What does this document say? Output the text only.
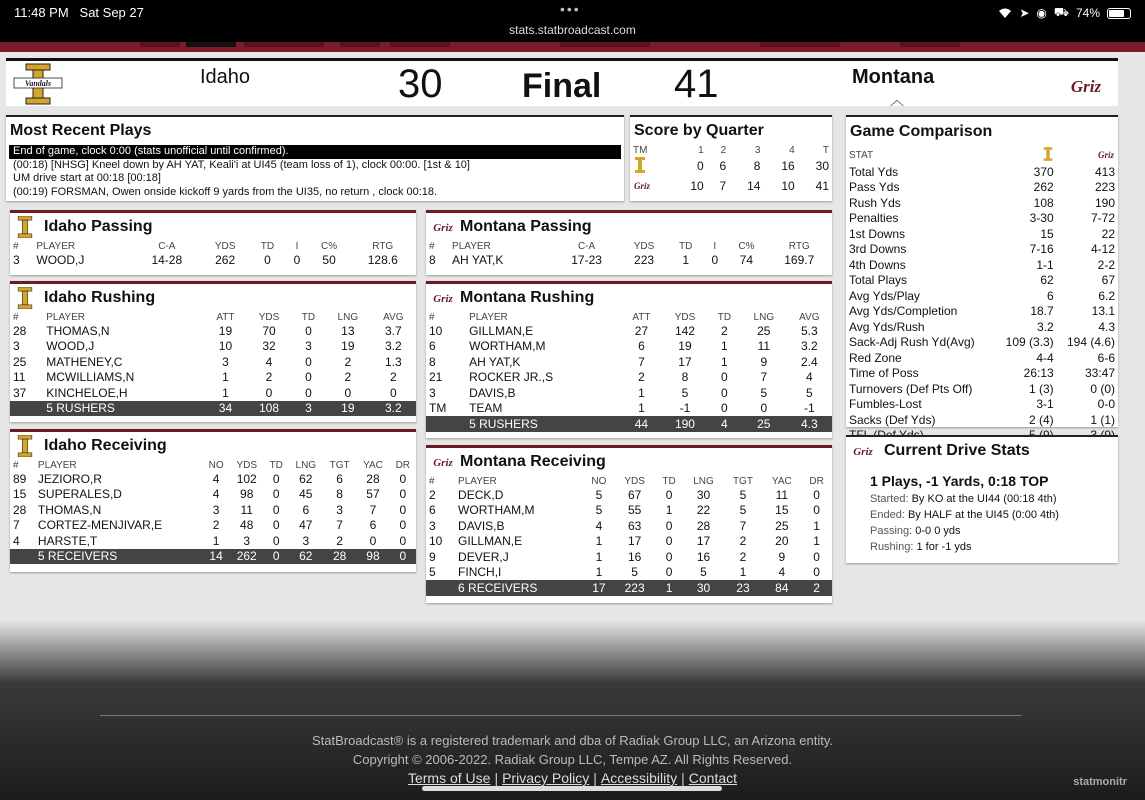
11:48 PM Sat Sep 27	•••
stats.statbroadcast.com
➤ ◉ ⛟ 74%
Vandals	Idaho	30 Final 41	Montana
︿
Griz
Most Recent Plays
End of game, clock 0:00 (stats unofficial until confirmed).
(00:18) [NHSG] Kneel down by AH YAT, Keali'i at UI45 (team loss of 1), clock 00:00. [1st & 10]
UM drive start at 00:18 [00:18]
(00:19) FORSMAN, Owen onside kickoff 9 yards from the UI35, no return , clock 00:18.
Score by Quarter
TM	1	2	3	4	T
	0	6	8	16	30

Griz	10	7	14	10	41
Game Comparison
STAT		Griz

Total Yds	370	413
Pass Yds	262	223
Rush Yds	108	190
Penalties	3-30	7-72
1st Downs	15	22
3rd Downs	7-16	4-12
4th Downs	1-1	2-2
Total Plays	62	67
Avg Yds/Play	6	6.2
Avg Yds/Completion	18.7	13.1
Avg Yds/Rush	3.2	4.3
Sack-Adj Rush Yd(Avg)	109 (3.3)	194 (4.6)
Red Zone	4-4	6-6
Time of Poss	26:13	33:47
Turnovers (Def Pts Off)	1 (3)	0 (0)
Fumbles-Lost	3-1	0-0
Sacks (Def Yds)	2 (4)	1 (1)

Griz Current Drive Stats
1 Plays, -1 Yards, 0:18 TOP
Started: By KO at the UI44 (00:18 4th)
Ended: By HALF at the UI45 (0:00 4th)
Passing: 0-0 0 yds
Rushing: 1 for -1 yds
Idaho Passing
#	PLAYER	C-A	YDS	TD	I	C%	RTG
3	WOOD,J	14-28	262	0	0	50	128.6
Griz Montana Passing
#	PLAYER	C-A	YDS	TD	I	C%	RTG
8	AH YAT,K	17-23	223	1	0	74	169.7
Idaho Rushing
#	PLAYER	ATT	YDS	TD	LNG	AVG
28	THOMAS,N	19	70	0	13	3.7
3	WOOD,J	10	32	3	19	3.2
25	MATHENEY,C	3	4	0	2	1.3
11	MCWILLIAMS,N	1	2	0	2	2
37	KINCHELOE,H	1	0	0	0	0
	5 RUSHERS	34	108	3	19	3.2
Griz Montana Rushing
#	PLAYER	ATT	YDS	TD	LNG	AVG
10	GILLMAN,E	27	142	2	25	5.3
6	WORTHAM,M	6	19	1	11	3.2
8	AH YAT,K	7	17	1	9	2.4
21	ROCKER JR.,S	2	8	0	7	4
3	DAVIS,B	1	5	0	5	5
TM	TEAM	1	-1	0	0	-1
	5 RUSHERS	44	190	4	25	4.3
Idaho Receiving
#	PLAYER	NO	YDS	TD	LNG	TGT	YAC	DR
89	JEZIORO,R	4	102	0	62	6	28	0
15	SUPERALES,D	4	98	0	45	8	57	0
28	THOMAS,N	3	11	0	6	3	7	0
7	CORTEZ-MENJIVAR,E	2	48	0	47	7	6	0
4	HARSTE,T	1	3	0	3	2	0	0
	5 RECEIVERS	14	262	0	62	28	98	0
Griz Montana Receiving
#	PLAYER	NO	YDS	TD	LNG	TGT	YAC	DR
2	DECK,D	5	67	0	30	5	11	0
6	WORTHAM,M	5	55	1	22	5	15	0
3	DAVIS,B	4	63	0	28	7	25	1
10	GILLMAN,E	1	17	0	17	2	20	1
9	DEVER,J	1	16	0	16	2	9	0
5	FINCH,I	1	5	0	5	1	4	0
	6 RECEIVERS	17	223	1	30	23	84	2
StatBroadcast® is a registered trademark and dba of Radiak Group LLC, an Arizona entity.
Copyright © 2006-2022. Radiak Group LLC, Tempe AZ. All Rights Reserved.
Terms of Use | Privacy Policy | Accessibility | Contact	statmonitr
